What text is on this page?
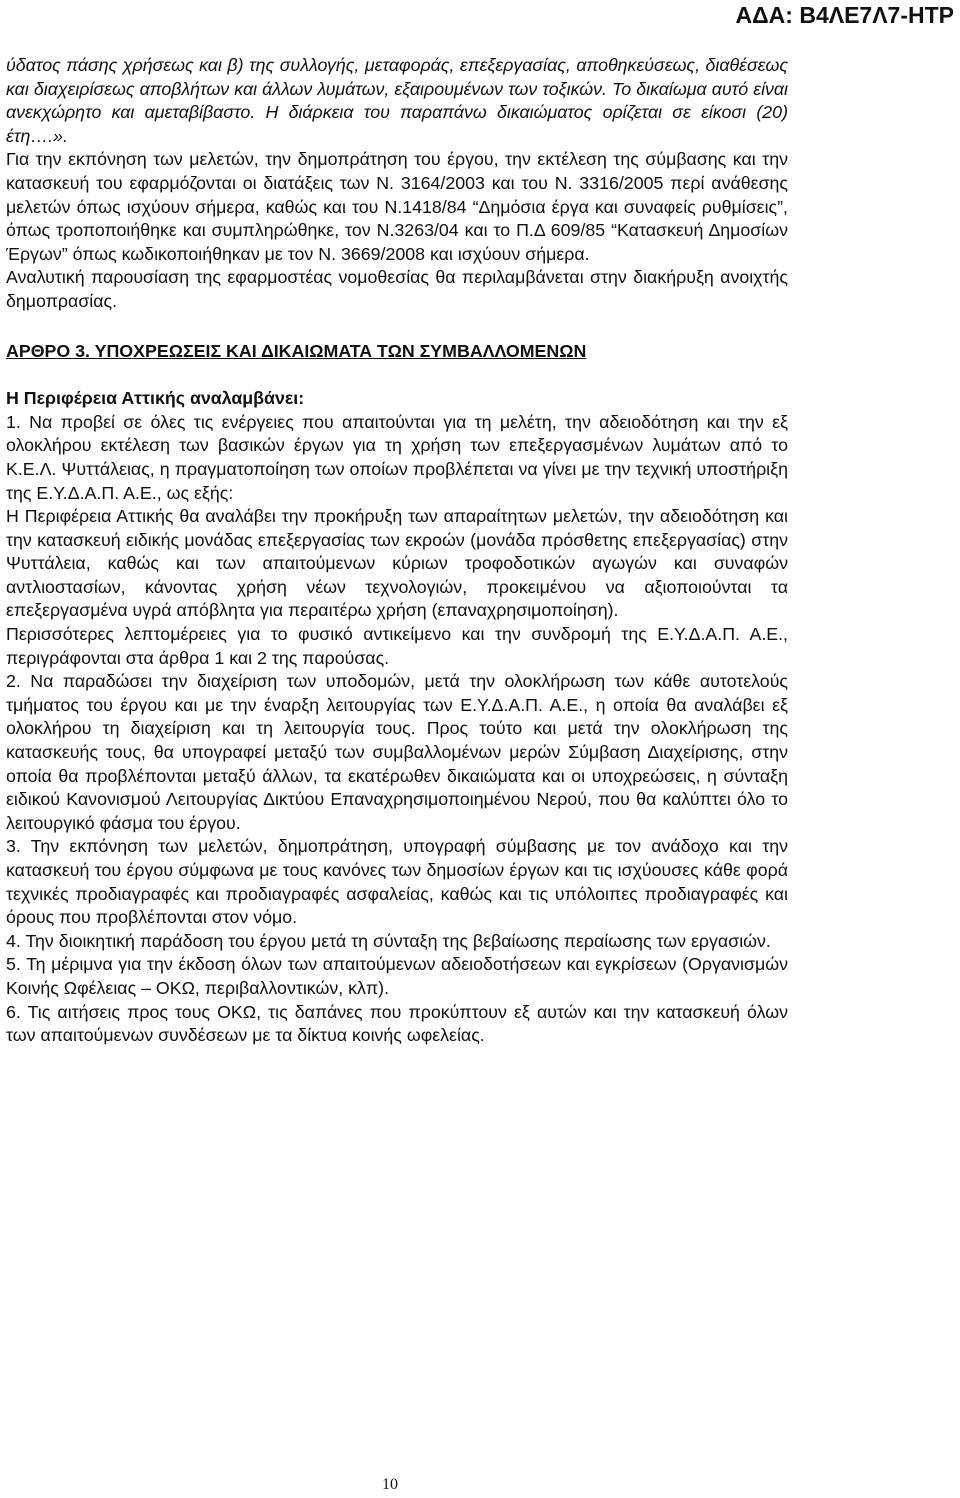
ΑΔΑ: Β4ΛΕ7Λ7-ΗΤΡ

ύδατος πάσης χρήσεως και β) της συλλογής, μεταφοράς, επεξεργασίας, αποθηκεύσεως, διαθέσεως και διαχειρίσεως αποβλήτων και άλλων λυμάτων, εξαιρουμένων των τοξικών. Το δικαίωμα αυτό είναι ανεκχώρητο και αμεταβίβαστο. Η διάρκεια του παραπάνω δικαιώματος ορίζεται σε είκοσι (20) έτη….».

Για την εκπόνηση των μελετών, την δημοπράτηση του έργου, την εκτέλεση της σύμβασης και την κατασκευή του εφαρμόζονται οι διατάξεις των Ν. 3164/2003 και του Ν. 3316/2005 περί ανάθεσης μελετών όπως ισχύουν σήμερα, καθώς και του Ν.1418/84 “Δημόσια έργα και συναφείς ρυθμίσεις”, όπως τροποποιήθηκε και συμπληρώθηκε, τον Ν.3263/04 και το Π.Δ 609/85 “Κατασκευή Δημοσίων Έργων” όπως κωδικοποιήθηκαν με τον Ν. 3669/2008 και ισχύουν σήμερα.

Αναλυτική παρουσίαση της εφαρμοστέας νομοθεσίας θα περιλαμβάνεται στην διακήρυξη ανοιχτής δημοπρασίας.

ΑΡΘΡΟ 3. ΥΠΟΧΡΕΩΣΕΙΣ ΚΑΙ ΔΙΚΑΙΩΜΑΤΑ ΤΩΝ ΣΥΜΒΑΛΛΟΜΕΝΩΝ

Η Περιφέρεια Αττικής αναλαμβάνει:

1. Να προβεί σε όλες τις ενέργειες που απαιτούνται για τη μελέτη, την αδειοδότηση και την εξ ολοκλήρου εκτέλεση των βασικών έργων για τη χρήση των επεξεργασμένων λυμάτων από το Κ.Ε.Λ. Ψυττάλειας, η πραγματοποίηση των οποίων προβλέπεται να γίνει με την τεχνική υποστήριξη της Ε.Υ.Δ.Α.Π. Α.Ε., ως εξής:

Η Περιφέρεια Αττικής θα αναλάβει την προκήρυξη των απαραίτητων μελετών, την αδειοδότηση και την κατασκευή ειδικής μονάδας επεξεργασίας των εκροών (μονάδα πρόσθετης επεξεργασίας) στην Ψυττάλεια, καθώς και των απαιτούμενων κύριων τροφοδοτικών αγωγών και συναφών αντλιοστασίων, κάνοντας χρήση νέων τεχνολογιών, προκειμένου να αξιοποιούνται τα επεξεργασμένα υγρά απόβλητα για περαιτέρω χρήση (επαναχρησιμοποίηση).

Περισσότερες λεπτομέρειες για το φυσικό αντικείμενο και την συνδρομή της Ε.Υ.Δ.Α.Π. Α.Ε., περιγράφονται στα άρθρα 1 και 2 της παρούσας.

2. Να παραδώσει την διαχείριση των υποδομών, μετά την ολοκλήρωση των κάθε αυτοτελούς τμήματος του έργου και με την έναρξη λειτουργίας των Ε.Υ.Δ.Α.Π. Α.Ε., η οποία θα αναλάβει εξ ολοκλήρου τη διαχείριση και τη λειτουργία τους. Προς τούτο και μετά την ολοκλήρωση της κατασκευής τους, θα υπογραφεί μεταξύ των συμβαλλομένων μερών Σύμβαση Διαχείρισης, στην οποία θα προβλέπονται μεταξύ άλλων, τα εκατέρωθεν δικαιώματα και οι υποχρεώσεις, η σύνταξη ειδικού Κανονισμού Λειτουργίας Δικτύου Επαναχρησιμοποιημένου Νερού, που θα καλύπτει όλο το λειτουργικό φάσμα του έργου.

3. Την εκπόνηση των μελετών, δημοπράτηση, υπογραφή σύμβασης με τον ανάδοχο και την κατασκευή του έργου σύμφωνα με τους κανόνες των δημοσίων έργων και τις ισχύουσες κάθε φορά τεχνικές προδιαγραφές και προδιαγραφές ασφαλείας, καθώς και τις υπόλοιπες προδιαγραφές και όρους που προβλέπονται στον νόμο.

4. Την διοικητική παράδοση του έργου μετά τη σύνταξη της βεβαίωσης περαίωσης των εργασιών.

5. Τη μέριμνα για την έκδοση όλων των απαιτούμενων αδειοδοτήσεων και εγκρίσεων (Οργανισμών Κοινής Ωφέλειας – ΟΚΩ, περιβαλλοντικών, κλπ).

6. Τις αιτήσεις προς τους ΟΚΩ, τις δαπάνες που προκύπτουν εξ αυτών και την κατασκευή όλων των απαιτούμενων συνδέσεων με τα δίκτυα κοινής ωφελείας.

10
